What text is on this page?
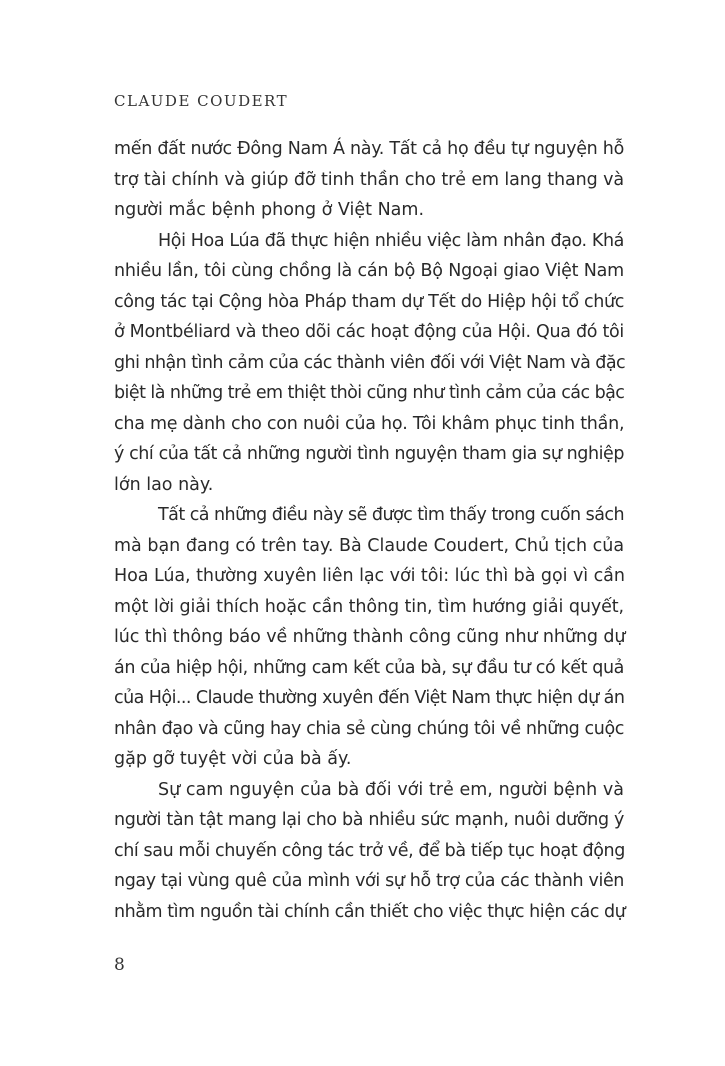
CLAUDE COUDERT
mến đất nước Đông Nam Á này. Tất cả họ đều tự nguyện hỗ
trợ tài chính và giúp đỡ tinh thần cho trẻ em lang thang và
người mắc bệnh phong ở Việt Nam.
Hội Hoa Lúa đã thực hiện nhiều việc làm nhân đạo. Khá
nhiều lần, tôi cùng chồng là cán bộ Bộ Ngoại giao Việt Nam
công tác tại Cộng hòa Pháp tham dự Tết do Hiệp hội tổ chức
ở Montbéliard và theo dõi các hoạt động của Hội. Qua đó tôi
ghi nhận tình cảm của các thành viên đối với Việt Nam và đặc
biệt là những trẻ em thiệt thòi cũng như tình cảm của các bậc
cha mẹ dành cho con nuôi của họ. Tôi khâm phục tinh thần,
ý chí của tất cả những người tình nguyện tham gia sự nghiệp
lớn lao này.
Tất cả những điều này sẽ được tìm thấy trong cuốn sách
mà bạn đang có trên tay. Bà Claude Coudert, Chủ tịch của
Hoa Lúa, thường xuyên liên lạc với tôi: lúc thì bà gọi vì cần
một lời giải thích hoặc cần thông tin, tìm hướng giải quyết,
lúc thì thông báo về những thành công cũng như những dự
án của hiệp hội, những cam kết của bà, sự đầu tư có kết quả
của Hội... Claude thường xuyên đến Việt Nam thực hiện dự án
nhân đạo và cũng hay chia sẻ cùng chúng tôi về những cuộc
gặp gỡ tuyệt vời của bà ấy.
Sự cam nguyện của bà đối với trẻ em, người bệnh và
người tàn tật mang lại cho bà nhiều sức mạnh, nuôi dưỡng ý
chí sau mỗi chuyến công tác trở về, để bà tiếp tục hoạt động
ngay tại vùng quê của mình với sự hỗ trợ của các thành viên
nhằm tìm nguồn tài chính cần thiết cho việc thực hiện các dự
8
